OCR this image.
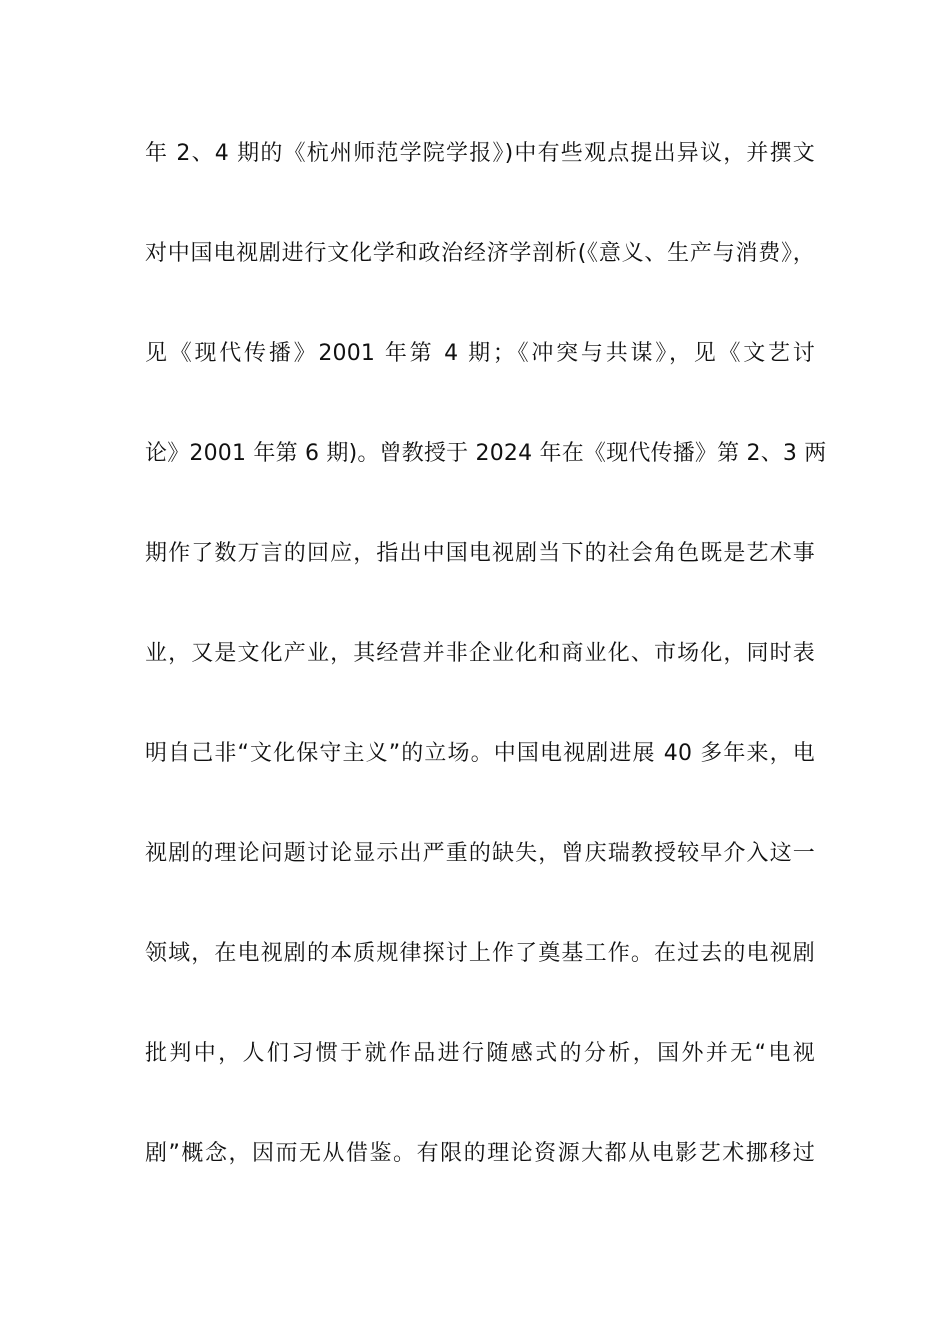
年 2、4 期的《杭州师范学院学报》)中有些观点提出异议，并撰文
对中国电视剧进行文化学和政治经济学剖析(《意义、生产与消费》，
见《现代传播》2001 年第 4 期；《冲突与共谋》，见《文艺讨
论》2001 年第 6 期)。曾教授于 2024 年在《现代传播》第 2、3 两
期作了数万言的回应，指出中国电视剧当下的社会角色既是艺术事
业，又是文化产业，其经营并非企业化和商业化、市场化，同时表
明自己非“文化保守主义”的立场。中国电视剧进展 40 多年来，电
视剧的理论问题讨论显示出严重的缺失，曾庆瑞教授较早介入这一
领域，在电视剧的本质规律探讨上作了奠基工作。在过去的电视剧
批判中，人们习惯于就作品进行随感式的分析，国外并无“电视
剧”概念，因而无从借鉴。有限的理论资源大都从电影艺术挪移过
